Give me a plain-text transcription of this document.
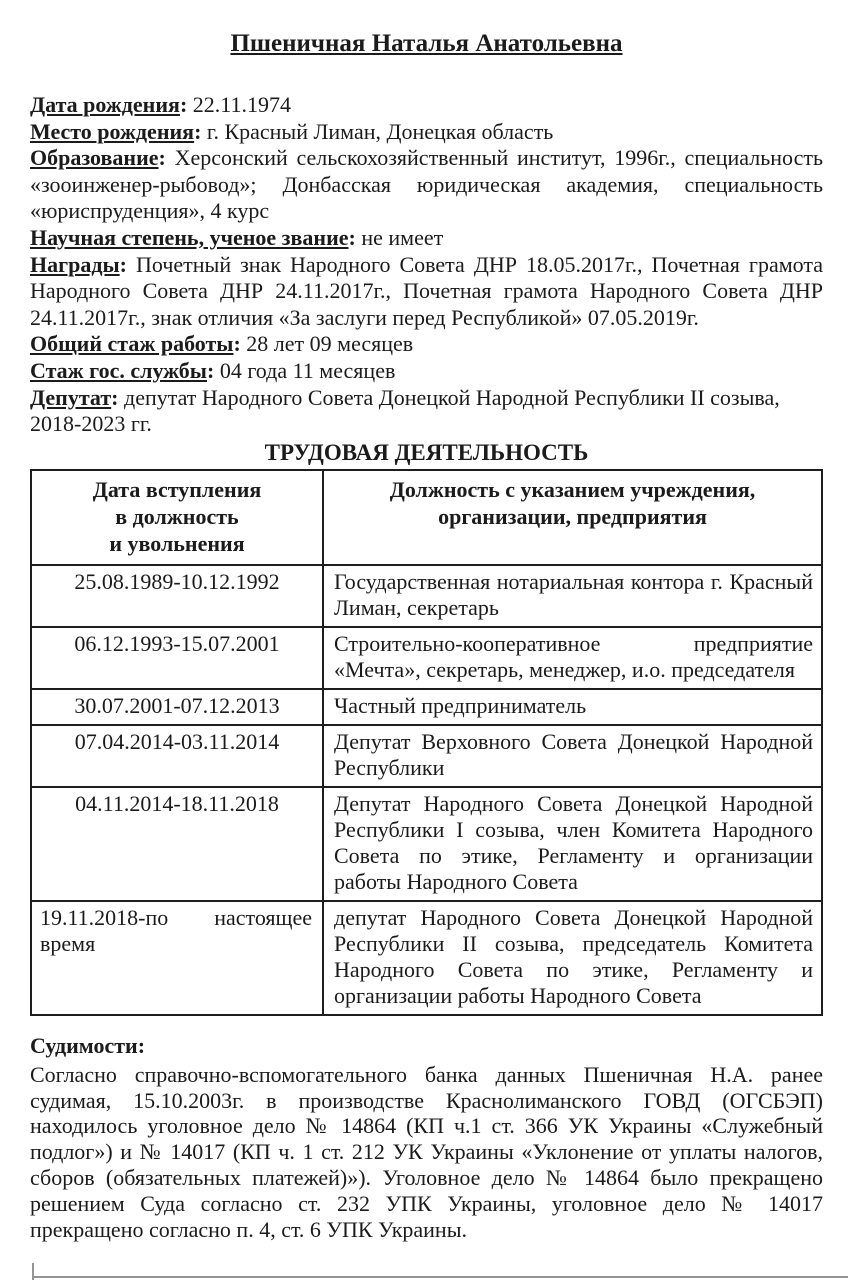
Пшеничная Наталья Анатольевна

Дата рождения: 22.11.1974

Место рождения: г. Красный Лиман, Донецкая область

Образование: Херсонский сельскохозяйственный институт, 1996г., специальность «зооинженер-рыбовод»; Донбасская юридическая академия, специальность «юриспруденция», 4 курс

Научная степень, ученое звание: не имеет

Награды: Почетный знак Народного Совета ДНР 18.05.2017г., Почетная грамота Народного Совета ДНР 24.11.2017г., Почетная грамота Народного Совета ДНР 24.11.2017г., знак отличия «За заслуги перед Республикой» 07.05.2019г.

Общий стаж работы: 28 лет 09 месяцев

Стаж гос. службы: 04 года 11 месяцев

Депутат: депутат Народного Совета Донецкой Народной Республики II созыва, 2018-2023 гг.

ТРУДОВАЯ ДЕЯТЕЛЬНОСТЬ
Дата вступления
в должность
и увольнения	Должность с указанием учреждения,
организации, предприятия

25.08.1989-10.12.1992	Государственная нотариальная контора г. Красный Лиман, секретарь
06.12.1993-15.07.2001	Строительно-кооперативное предприятие «Мечта», секретарь, менеджер, и.о. председателя
30.07.2001-07.12.2013	Частный предприниматель
07.04.2014-03.11.2014	Депутат Верховного Совета Донецкой Народной Республики
04.11.2014-18.11.2018	Депутат Народного Совета Донецкой Народной Республики I созыва, член Комитета Народного Совета по этике, Регламенту и организации работы Народного Совета
19.11.2018-по настоящее время	депутат Народного Совета Донецкой Народной Республики II созыва, председатель Комитета Народного Совета по этике, Регламенту и организации работы Народного Совета

Судимости:

Согласно справочно-вспомогательного банка данных Пшеничная Н.А. ранее судимая, 15.10.2003г. в производстве Краснолиманского ГОВД (ОГСБЭП) находилось уголовное дело № 14864 (КП ч.1 ст. 366 УК Украины «Служебный подлог») и № 14017 (КП ч. 1 ст. 212 УК Украины «Уклонение от уплаты налогов, сборов (обязательных платежей)»). Уголовное дело № 14864 было прекращено решением Суда согласно ст. 232 УПК Украины, уголовное дело № 14017 прекращено согласно п. 4, ст. 6 УПК Украины.
